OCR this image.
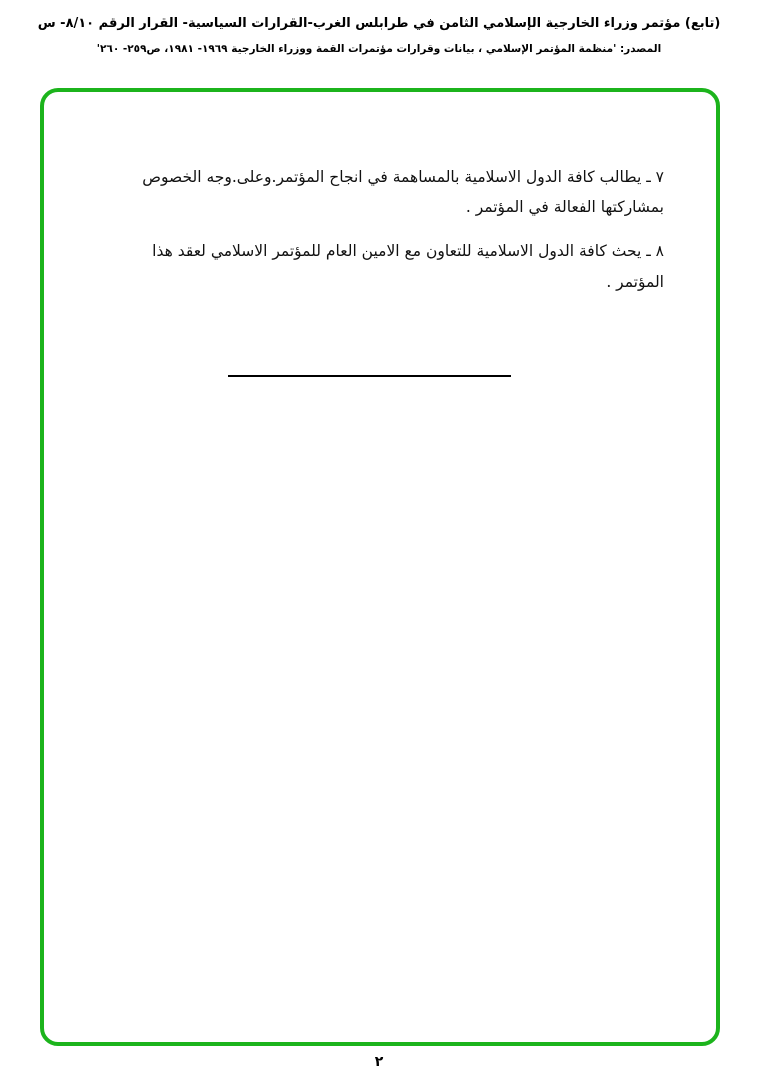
(تابع) مؤتمر وزراء الخارجية الإسلامي الثامن في طرابلس الغرب-القرارات السياسية- القرار الرقم ٨/١٠- س
المصدر: 'منظمة المؤتمر الإسلامي ، بيانات وقرارات مؤتمرات القمة ووزراء الخارجية ١٩٦٩- ١٩٨١، ص٢٥٩- ٢٦٠'

٧ ـ يطالب كافة الدول الاسلامية بالمساهمة في انجاح المؤتمر.وعلى.وجه الخصوص بمشاركتها الفعالة في المؤتمر .

٨ ـ يحث كافة الدول الاسلامية للتعاون مع الامين العام للمؤتمر الاسلامي لعقد هذا المؤتمر .

٢
